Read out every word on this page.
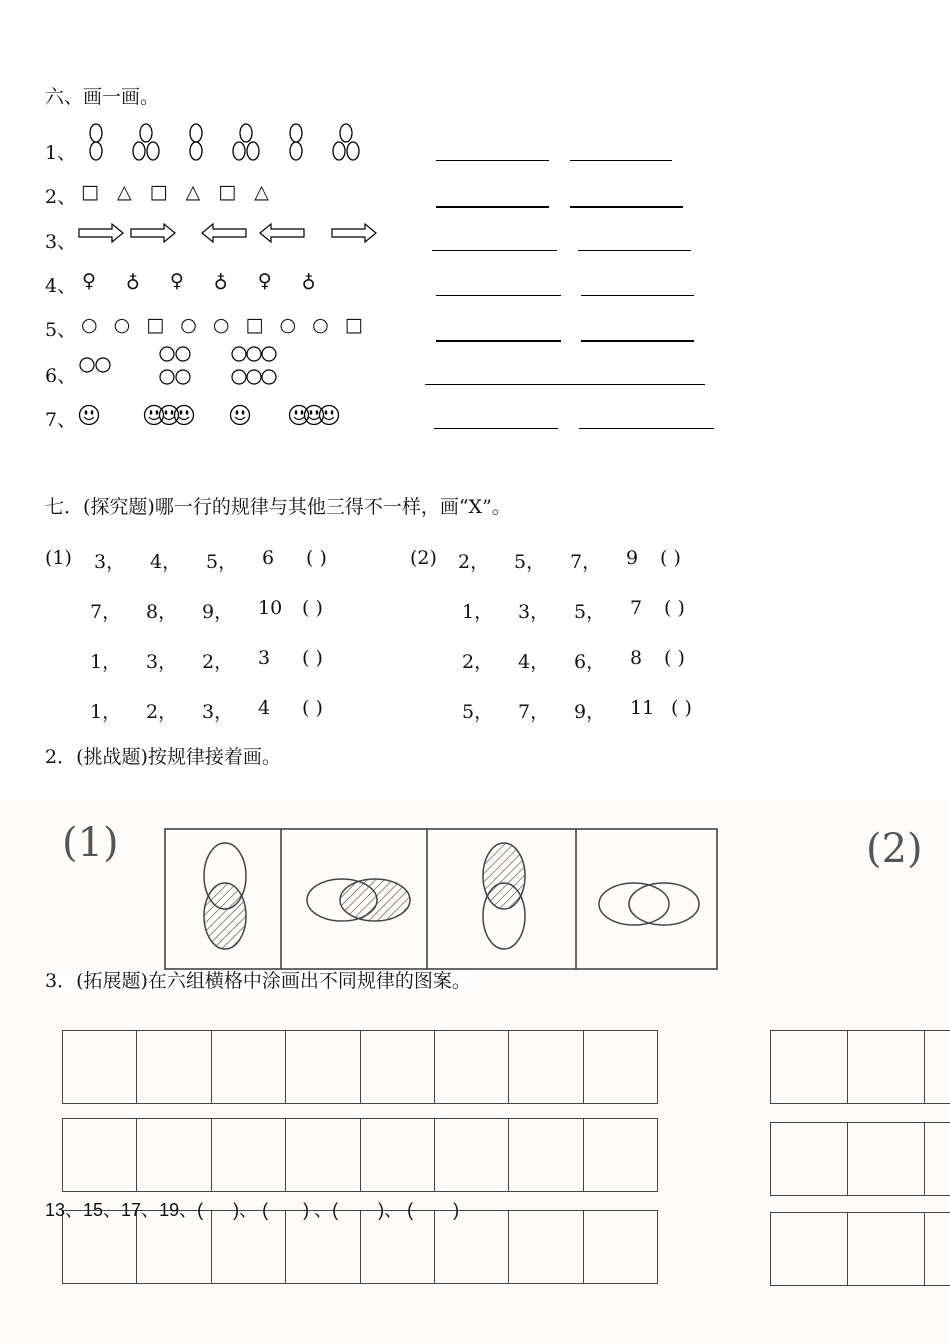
六、画一画。
1、
2、
3、
4、
5、
6、
7、
□ △ □ △ □ △
♀ ♁ ♀ ♁ ♀ ♁
○ ○ □ ○ ○ □ ○ ○ □
七．(探究题)哪一行的规律与其他三得不一样，画“X”。
(1)	(2)
3， 4， 5， 6 ( )
7， 8， 9， 10 ( )
1， 3， 2， 3 ( )
1， 2， 3， 4 ( )
2， 5， 7， 9 ( )
1， 3， 5， 7 ( )
2， 4， 6， 8 ( )
5， 7， 9， 11 ( )
2．(挑战题)按规律接着画。
(1)	(2)
3．(拓展题)在六组横格中涂画出不同规律的图案。
13、15、17、19、(      )、 (       ) 、(        )、 (        )
